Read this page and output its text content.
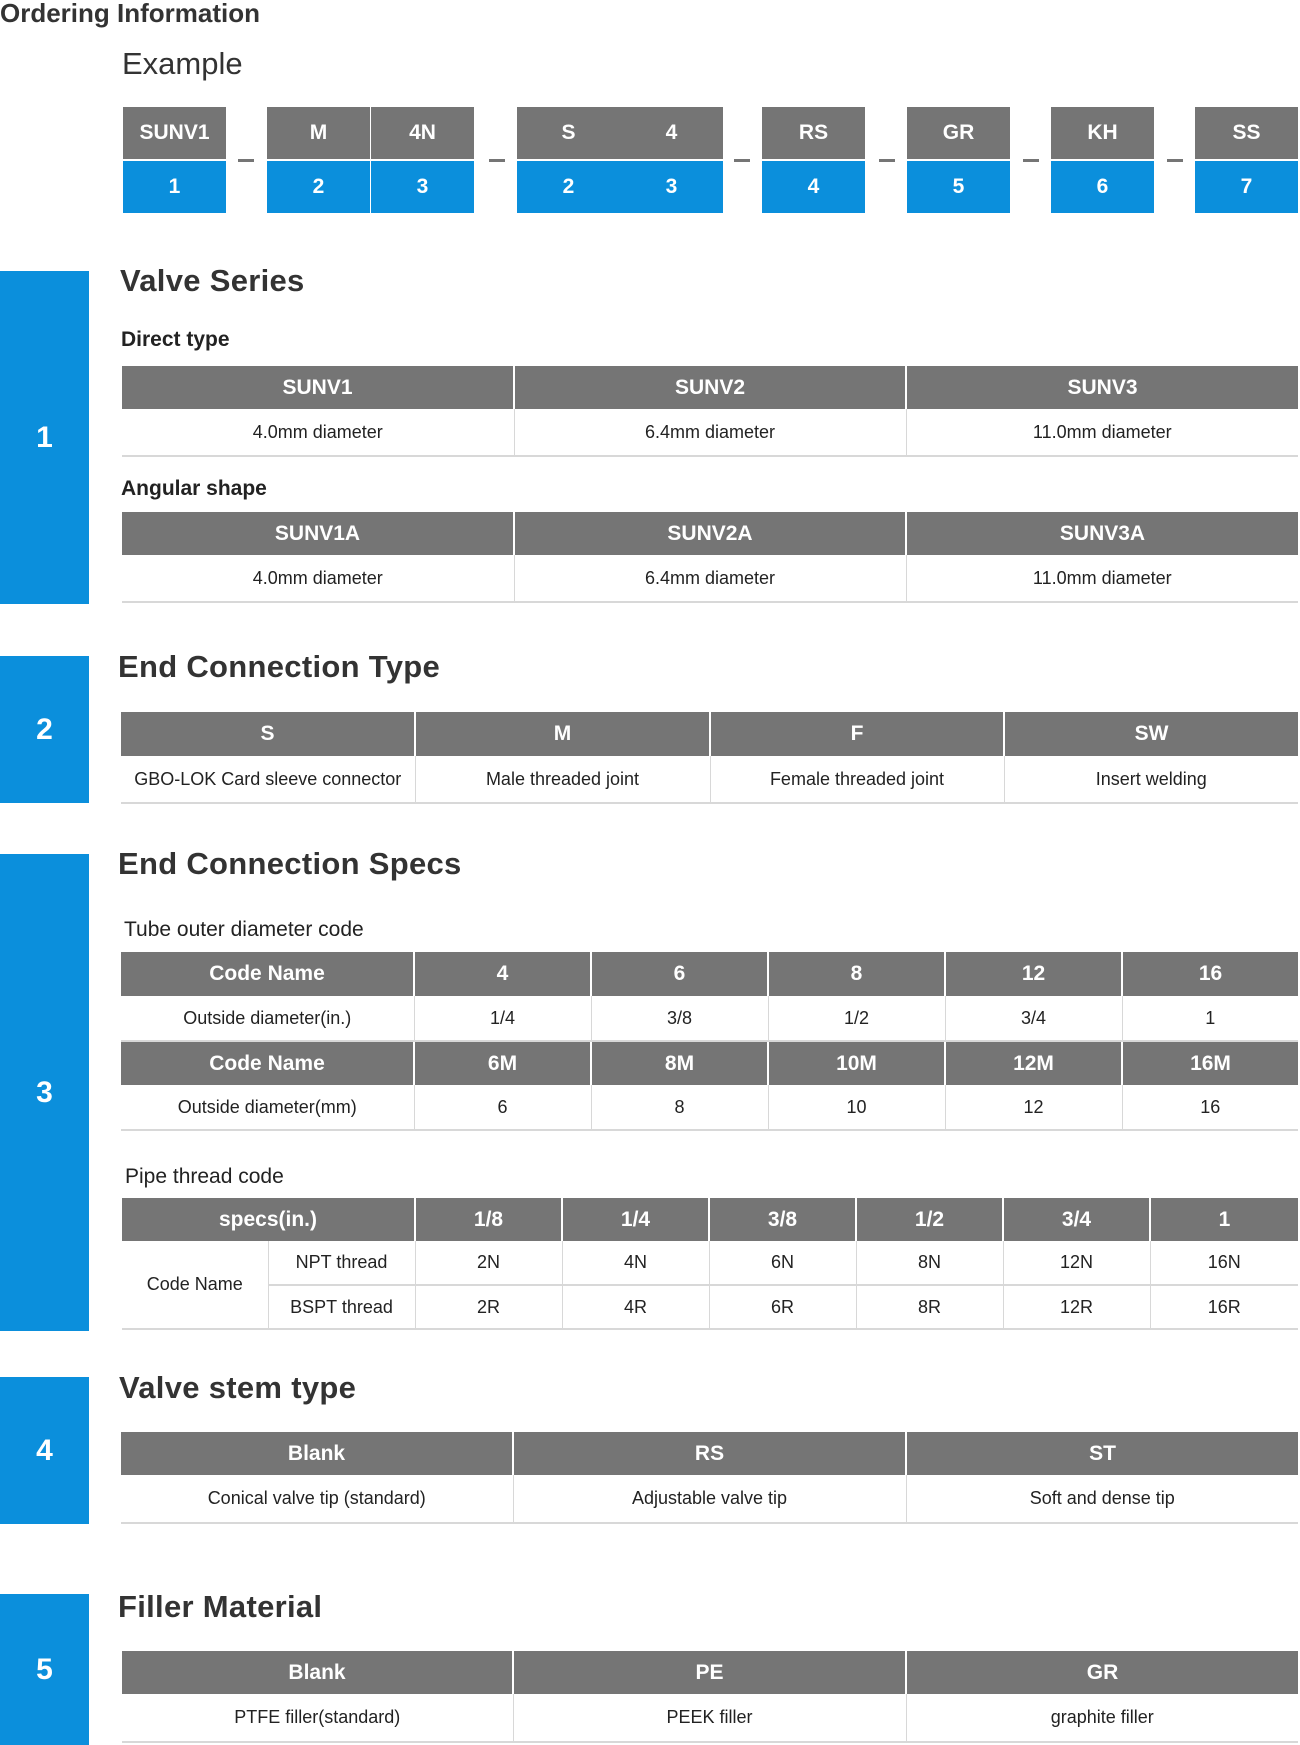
Ordering Information
Example
SUNV1
1
M
2
4N
3
S
2
4
3
RS
4
GR
5
KH
6
SS
7
1
Valve Series
Direct type
SUNV1	SUNV2	SUNV3
4.0mm diameter	6.4mm diameter	11.0mm diameter
Angular shape
SUNV1A	SUNV2A	SUNV3A
4.0mm diameter	6.4mm diameter	11.0mm diameter
2
End Connection Type
S	M	F	SW
GBO-LOK Card sleeve connector	Male threaded joint	Female threaded joint	Insert welding
3
End Connection Specs
Tube outer diameter code
Code Name	4	6	8	12	16
Outside diameter(in.)	1/4	3/8	1/2	3/4	1
Code Name	6M	8M	10M	12M	16M
Outside diameter(mm)	6	8	10	12	16
Pipe thread code
specs(in.)		1/8	1/4	3/8	1/2	3/4	1
Code Name	NPT thread	2N	4N	6N	8N	12N	16N
	BSPT thread	2R	4R	6R	8R	12R	16R
4
Valve stem type
Blank	RS	ST
Conical valve tip (standard)	Adjustable valve tip	Soft and dense tip
5
Filler Material
Blank	PE	GR
PTFE filler(standard)	PEEK filler	graphite filler
